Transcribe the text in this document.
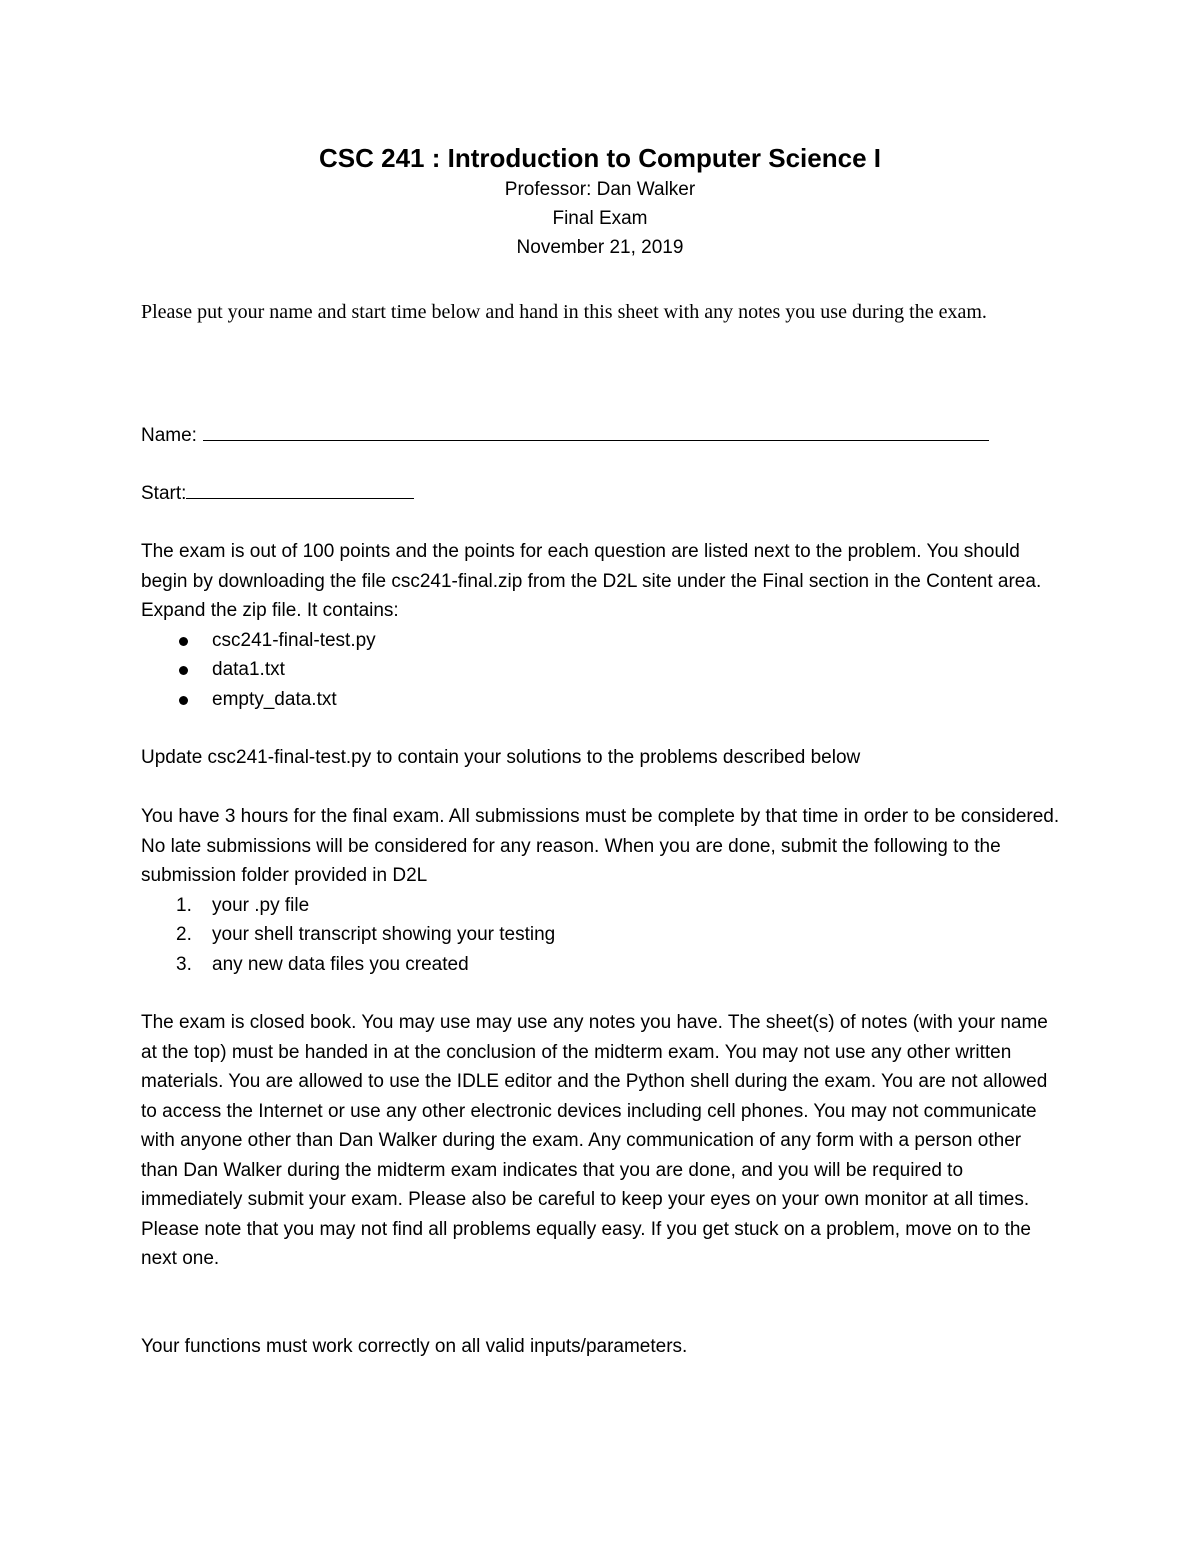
CSC 241 : Introduction to Computer Science I

Professor: Dan Walker

Final Exam

November 21, 2019

Please put your name and start time below and hand in this sheet with any notes you use during the exam.

Name:
Start:

The exam is out of 100 points and the points for each question are listed next to the problem. You should begin by downloading the file csc241-final.zip from the D2L site under the Final section in the Content area. Expand the zip file. It contains:

csc241-final-test.py
data1.txt
empty_data.txt

Update csc241-final-test.py to contain your solutions to the problems described below

You have 3 hours for the final exam. All submissions must be complete by that time in order to be considered. No late submissions will be considered for any reason. When you are done, submit the following to the submission folder provided in D2L

1. your .py file
2. your shell transcript showing your testing
3. any new data files you created

The exam is closed book. You may use may use any notes you have. The sheet(s) of notes (with your name at the top) must be handed in at the conclusion of the midterm exam. You may not use any other written materials. You are allowed to use the IDLE editor and the Python shell during the exam. You are not allowed to access the Internet or use any other electronic devices including cell phones. You may not communicate with anyone other than Dan Walker during the exam. Any communication of any form with a person other than Dan Walker during the midterm exam indicates that you are done, and you will be required to immediately submit your exam. Please also be careful to keep your eyes on your own monitor at all times.

Please note that you may not find all problems equally easy. If you get stuck on a problem, move on to the next one.

Your functions must work correctly on all valid inputs/parameters.
